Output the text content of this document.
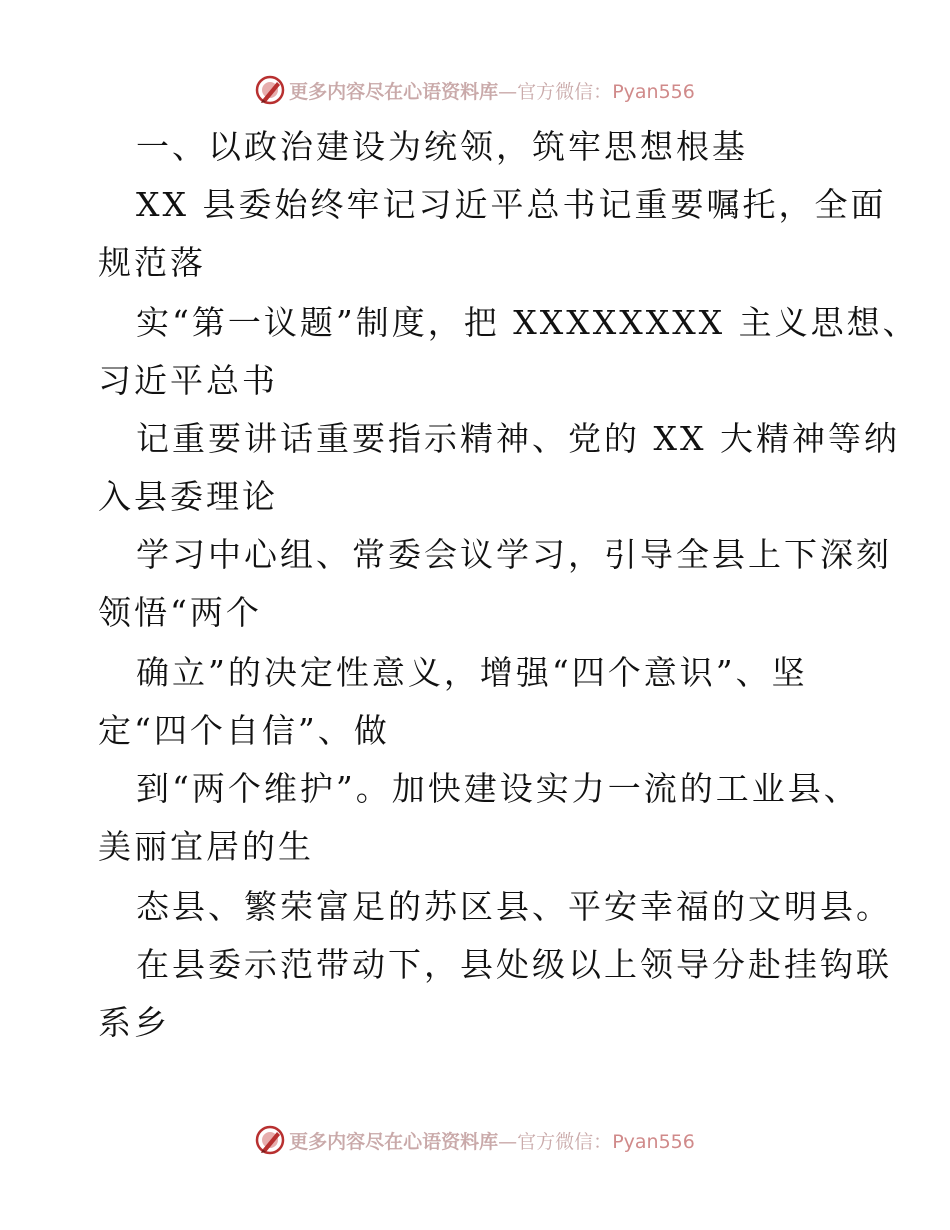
更多内容尽在心语资料库—官方微信：Pyan556
一、以政治建设为统领，筑牢思想根基
XX 县委始终牢记习近平总书记重要嘱托，全面
规范落
实“第一议题”制度，把 XXXXXXXX 主义思想、
习近平总书
记重要讲话重要指示精神、党的 XX 大精神等纳
入县委理论
学习中心组、常委会议学习，引导全县上下深刻
领悟“两个
确立”的决定性意义，增强“四个意识”、坚
定“四个自信”、做
到“两个维护”。加快建设实力一流的工业县、
美丽宜居的生
态县、繁荣富足的苏区县、平安幸福的文明县。
在县委示范带动下，县处级以上领导分赴挂钩联
系乡
更多内容尽在心语资料库—官方微信：Pyan556
